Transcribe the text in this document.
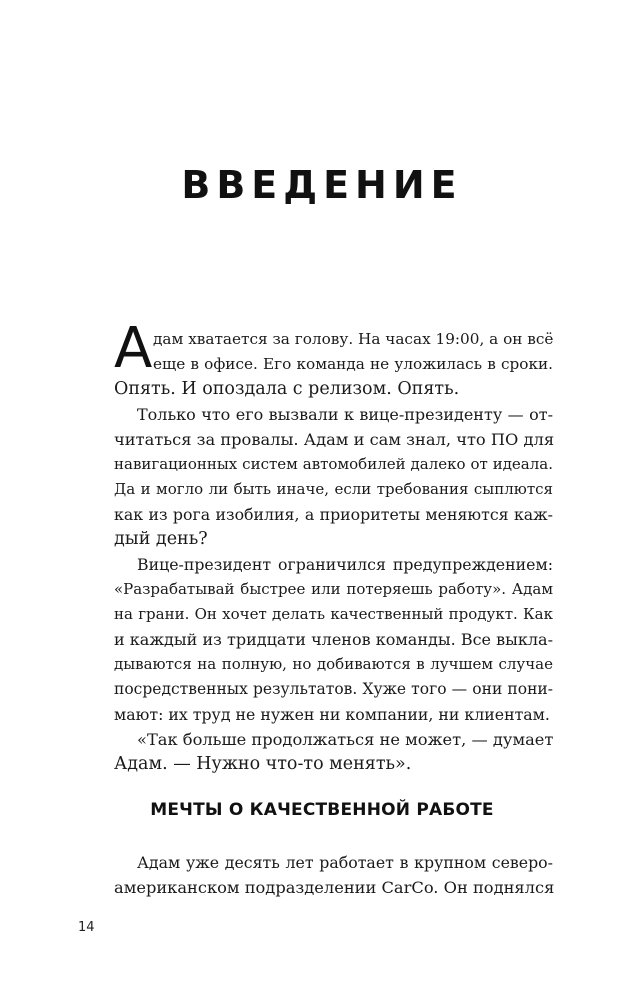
ВВЕДЕНИЕ
А дам хватается за голову. На часах 19:00, а он всё
еще в офисе. Его команда не уложилась в сроки.
Опять. И опоздала с релизом. Опять.
Только что его вызвали к вице-президенту — от-
читаться за провалы. Адам и сам знал, что ПО для
навигационных систем автомобилей далеко от идеала.
Да и могло ли быть иначе, если требования сыплются
как из рога изобилия, а приоритеты меняются каж-
дый день?
Вице-президент ограничился предупреждением:
«Разрабатывай быстрее или потеряешь работу». Адам
на грани. Он хочет делать качественный продукт. Как
и каждый из тридцати членов команды. Все выкла-
дываются на полную, но добиваются в лучшем случае
посредственных результатов. Хуже того — они пони-
мают: их труд не нужен ни компании, ни клиентам.
«Так больше продолжаться не может, — думает
Адам. — Нужно что-то менять».
МЕЧТЫ О КАЧЕСТВЕННОЙ РАБОТЕ
Адам уже десять лет работает в крупном северо-
американском подразделении CarCo. Он поднялся
14
